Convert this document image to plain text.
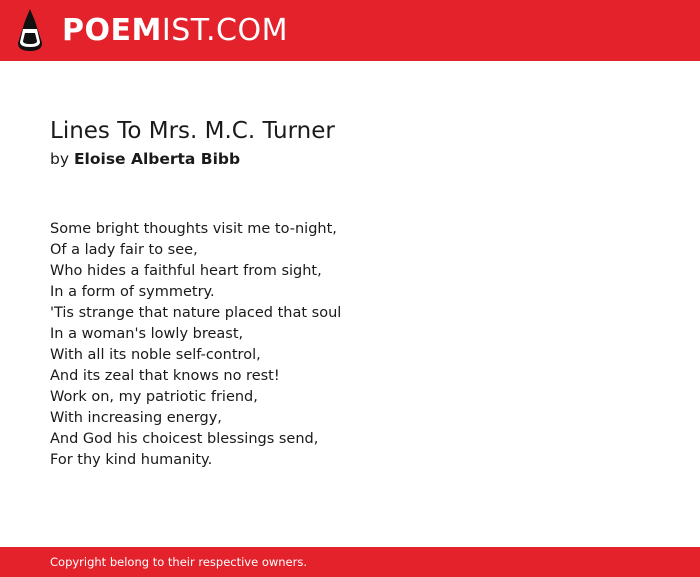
POEM IST.COM
Lines To Mrs. M.C. Turner
by Eloise Alberta Bibb
Some bright thoughts visit me to-night,
Of a lady fair to see,
Who hides a faithful heart from sight,
In a form of symmetry.
'Tis strange that nature placed that soul
In a woman's lowly breast,
With all its noble self-control,
And its zeal that knows no rest!
Work on, my patriotic friend,
With increasing energy,
And God his choicest blessings send,
For thy kind humanity.
Copyright belong to their respective owners.
